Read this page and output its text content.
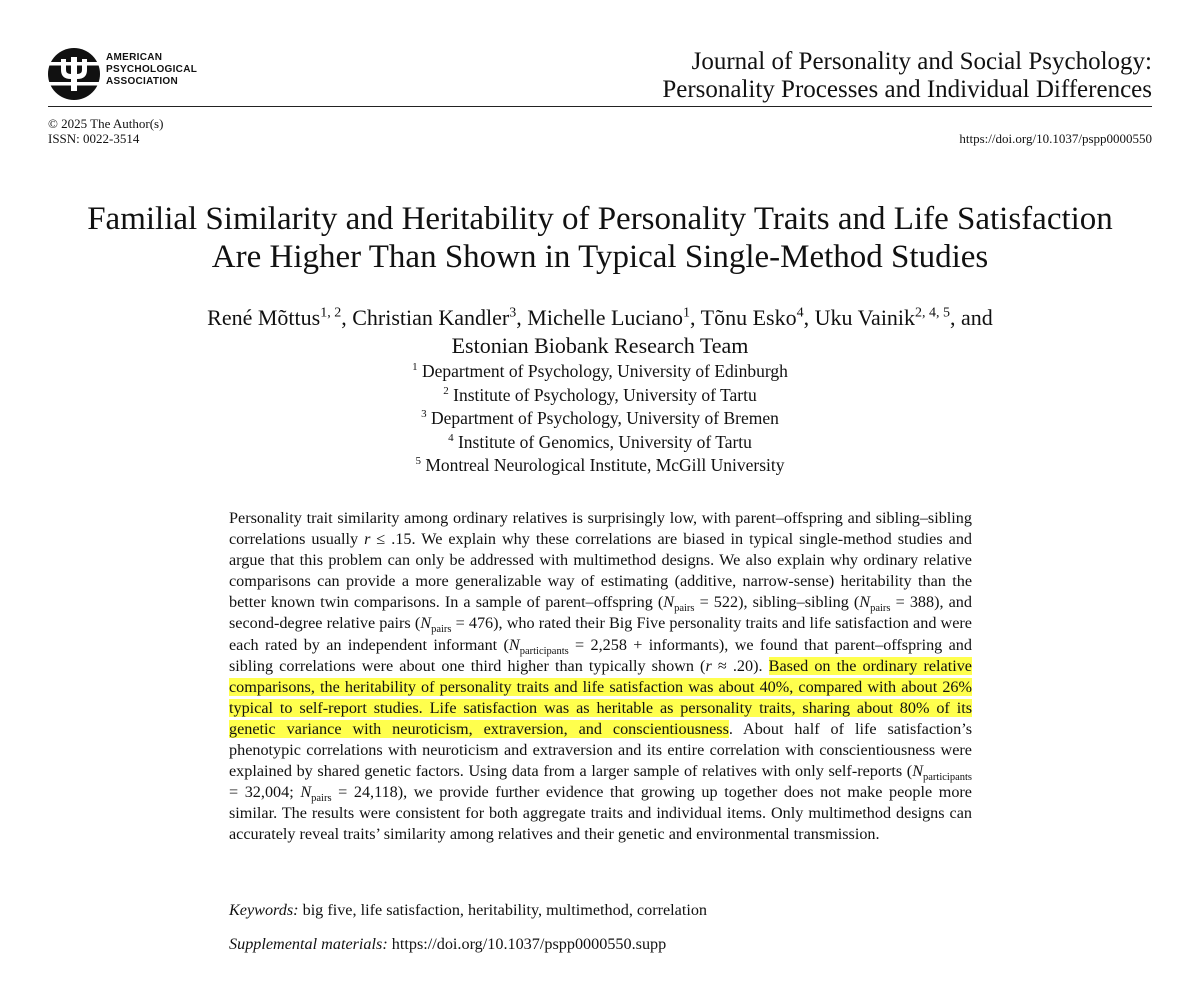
AMERICAN
PSYCHOLOGICAL
ASSOCIATION
Journal of Personality and Social Psychology:
Personality Processes and Individual Differences
© 2025 The Author(s)
ISSN: 0022-3514	https://doi.org/10.1037/pspp0000550
Familial Similarity and Heritability of Personality Traits and Life Satisfaction
Are Higher Than Shown in Typical Single-Method Studies
René Mõttus$^{1, 2}$, Christian Kandler$^3$, Michelle Luciano$^1$, Tõnu Esko$^4$, Uku Vainik$^{2, 4, 5}$, and
Estonian Biobank Research Team
$^1$ Department of Psychology, University of Edinburgh
$^2$ Institute of Psychology, University of Tartu
$^3$ Department of Psychology, University of Bremen
$^4$ Institute of Genomics, University of Tartu
$^5$ Montreal Neurological Institute, McGill University
Personality trait similarity among ordinary relatives is surprisingly low, with parent–offspring and sibling–sibling correlations usually r ≤ .15. We explain why these correlations are biased in typical single-method studies and argue that this problem can only be addressed with multimethod designs. We also explain why ordinary relative comparisons can provide a more generalizable way of estimating (additive, narrow-sense) heritability than the better known twin comparisons. In a sample of parent–offspring $(N_{pairs} = 522)$, sibling–sibling $(N_{pairs} = 388)$, and second-degree relative pairs $(N_{pairs} = 476)$, who rated their Big Five personality traits and life satisfaction and were each rated by an independent informant ($N_{participants} = 2,258$ + informants), we found that parent–offspring and sibling correlations were about one third higher than typically shown (r ≈ .20). Based on the ordinary relative comparisons, the heritability of personality traits and life satisfaction was about 40%, compared with about 26% typical to self-report studies. Life satisfaction was as heritable as personality traits, sharing about 80% of its genetic variance with neuroticism, extraversion, and conscientiousness. About half of life satisfaction’s phenotypic correlations with neuroticism and extraversion and its entire correlation with conscientiousness were explained by shared genetic factors. Using data from a larger sample of relatives with only self-reports ($N_{participants} = 32,004$; $N_{pairs} = 24,118$), we provide further evidence that growing up together does not make people more similar. The results were consistent for both aggregate traits and individual items. Only multimethod designs can accurately reveal traits’ similarity among relatives and their genetic and environmental transmission.
Keywords: big five, life satisfaction, heritability, multimethod, correlation
Supplemental materials: https://doi.org/10.1037/pspp0000550.supp
